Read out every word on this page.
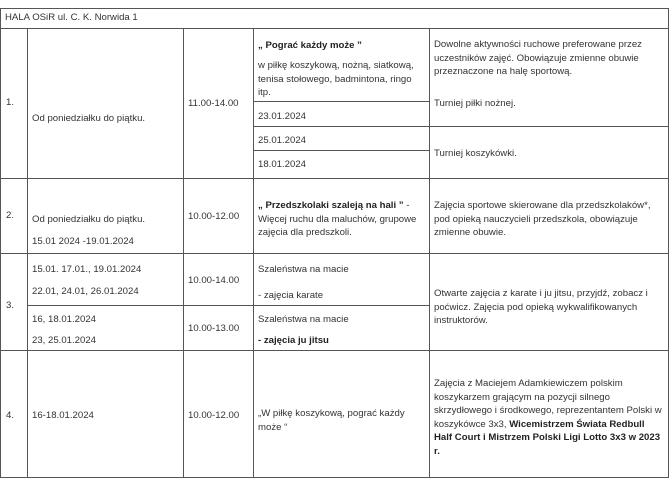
HALA OSiR ul. C. K. Norwida 1
1.
Od poniedziałku do piątku.
11.00-14.00
„ Pograć każdy może ”
w piłkę koszykową, nożną, siatkową, tenisa stołowego, badmintona, ringo itp.
23.01.2024
25.01.2024
18.01.2024
Dowolne aktywności ruchowe preferowane przez uczestników zajęć. Obowiązuje zmienne obuwie przeznaczone na halę sportową.
Turniej piłki nożnej.
Turniej koszykówki.
2. Od poniedziałku do piątku.
15.01 2024 -19.01.2024
10.00-12.00
„ Przedszkolaki szaleją na hali ” - Więcej ruchu dla maluchów, grupowe zajęcia dla predszkoli.
Zajęcia sportowe skierowane dla przedszkolaków*, pod opieką nauczycieli przedszkola, obowiązuje zmienne obuwie.
3.
15.01. 17.01., 19.01.2024
22.01, 24.01, 26.01.2024
10.00-14.00
Szaleństwa na macie
- zajęcia karate
16, 18.01.2024
23, 25.01.2024
10.00-13.00
Szaleństwa na macie
- zajęcia ju jitsu
Otwarte zajęcia z karate i ju jitsu, przyjdź, zobacz i poćwicz. Zajęcia pod opieką wykwalifikowanych instruktorów.
4. 16-18.01.2024	10.00-12.00 „W piłkę koszykową, pograć każdy może “
Zajęcia z Maciejem Adamkiewiczem polskim koszykarzem grającym na pozycji silnego skrzydłowego i środkowego, reprezentantem Polski w koszykówce 3x3, Wicemistrzem Świata Redbull Half Court i Mistrzem Polski Ligi Lotto 3x3 w 2023 r.
